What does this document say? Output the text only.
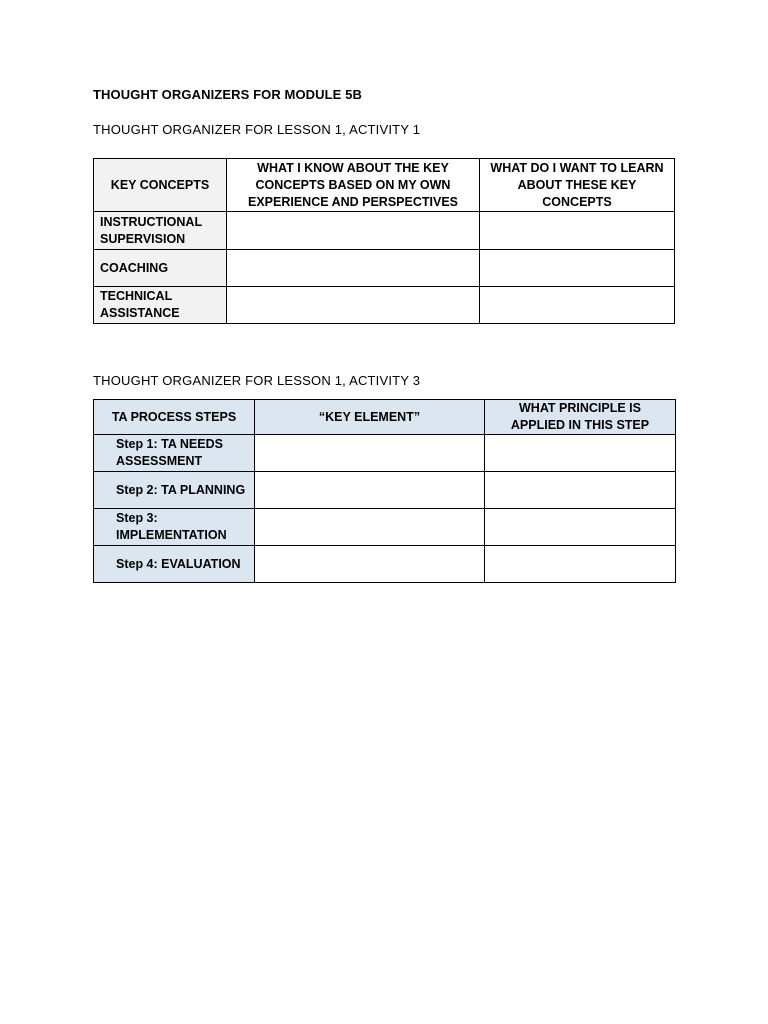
THOUGHT ORGANIZERS FOR MODULE 5B
THOUGHT ORGANIZER FOR LESSON 1, ACTIVITY 1
KEY CONCEPTS	WHAT I KNOW ABOUT THE KEY CONCEPTS BASED ON MY OWN EXPERIENCE AND PERSPECTIVES	WHAT DO I WANT TO LEARN ABOUT THESE KEY CONCEPTS
INSTRUCTIONAL SUPERVISION		
COACHING		
TECHNICAL ASSISTANCE		
THOUGHT ORGANIZER FOR LESSON 1, ACTIVITY 3
TA PROCESS STEPS	“KEY ELEMENT”	WHAT PRINCIPLE IS APPLIED IN THIS STEP
Step 1: TA NEEDS ASSESSMENT		
Step 2: TA PLANNING		
Step 3: IMPLEMENTATION		
Step 4: EVALUATION		
